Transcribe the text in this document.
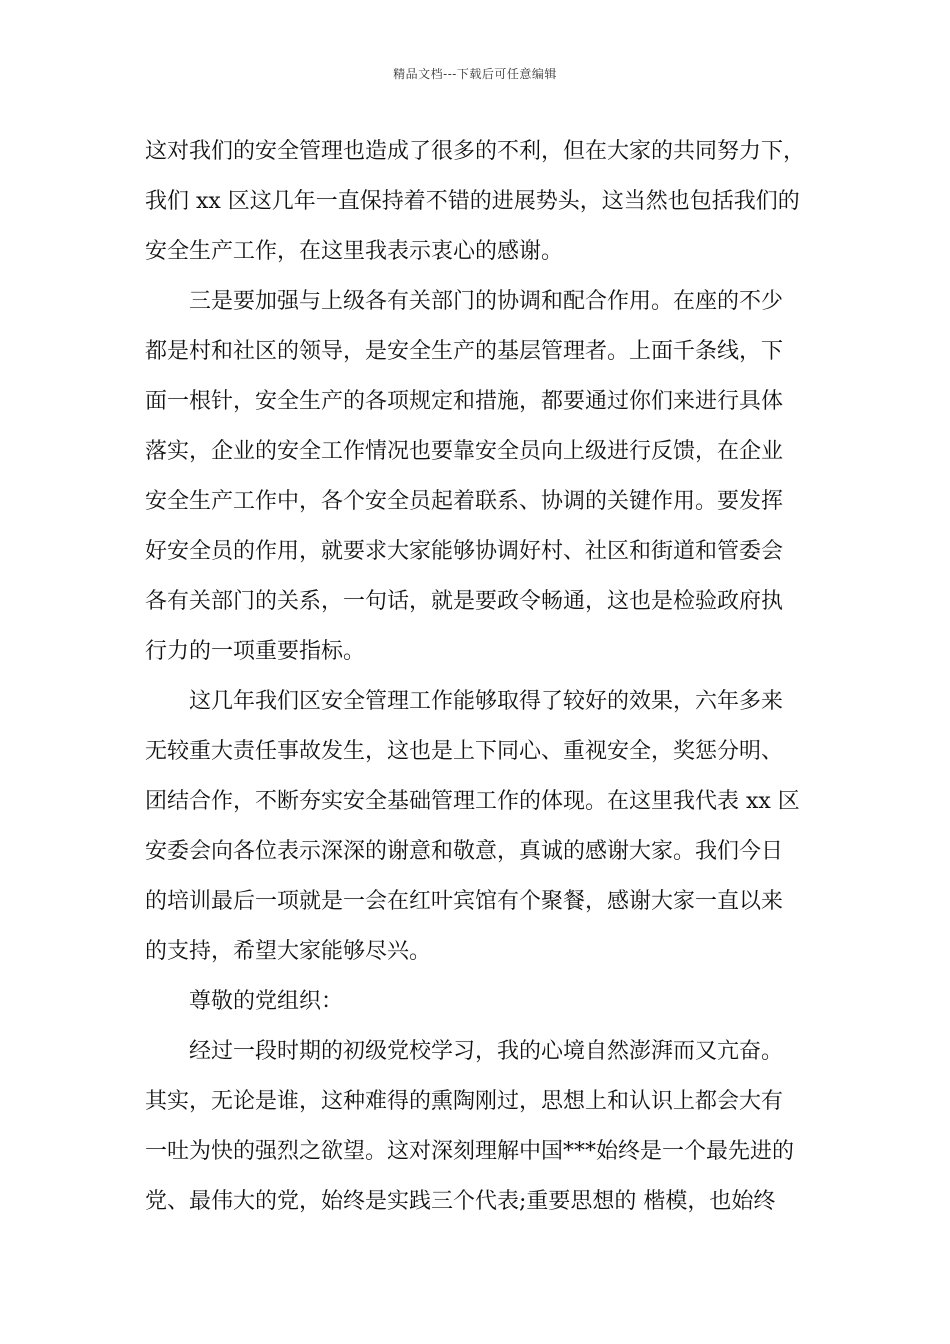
精品文档---下载后可任意编辑
这对我们的安全管理也造成了很多的不利，但在大家的共同努力下，
我们 xx 区这几年一直保持着不错的进展势头，这当然也包括我们的
安全生产工作，在这里我表示衷心的感谢。
三是要加强与上级各有关部门的协调和配合作用。在座的不少
都是村和社区的领导，是安全生产的基层管理者。上面千条线，下
面一根针，安全生产的各项规定和措施，都要通过你们来进行具体
落实，企业的安全工作情况也要靠安全员向上级进行反馈，在企业
安全生产工作中，各个安全员起着联系、协调的关键作用。要发挥
好安全员的作用，就要求大家能够协调好村、社区和街道和管委会
各有关部门的关系，一句话，就是要政令畅通，这也是检验政府执
行力的一项重要指标。
这几年我们区安全管理工作能够取得了较好的效果，六年多来
无较重大责任事故发生，这也是上下同心、重视安全，奖惩分明、
团结合作，不断夯实安全基础管理工作的体现。在这里我代表 xx 区
安委会向各位表示深深的谢意和敬意，真诚的感谢大家。我们今日
的培训最后一项就是一会在红叶宾馆有个聚餐，感谢大家一直以来
的支持，希望大家能够尽兴。
尊敬的党组织：
经过一段时期的初级党校学习，我的心境自然澎湃而又亢奋。
其实，无论是谁，这种难得的熏陶刚过，思想上和认识上都会大有
一吐为快的强烈之欲望。这对深刻理解中国***始终是一个最先进的
党、最伟大的党，始终是实践三个代表;重要思想的 楷模，也始终
